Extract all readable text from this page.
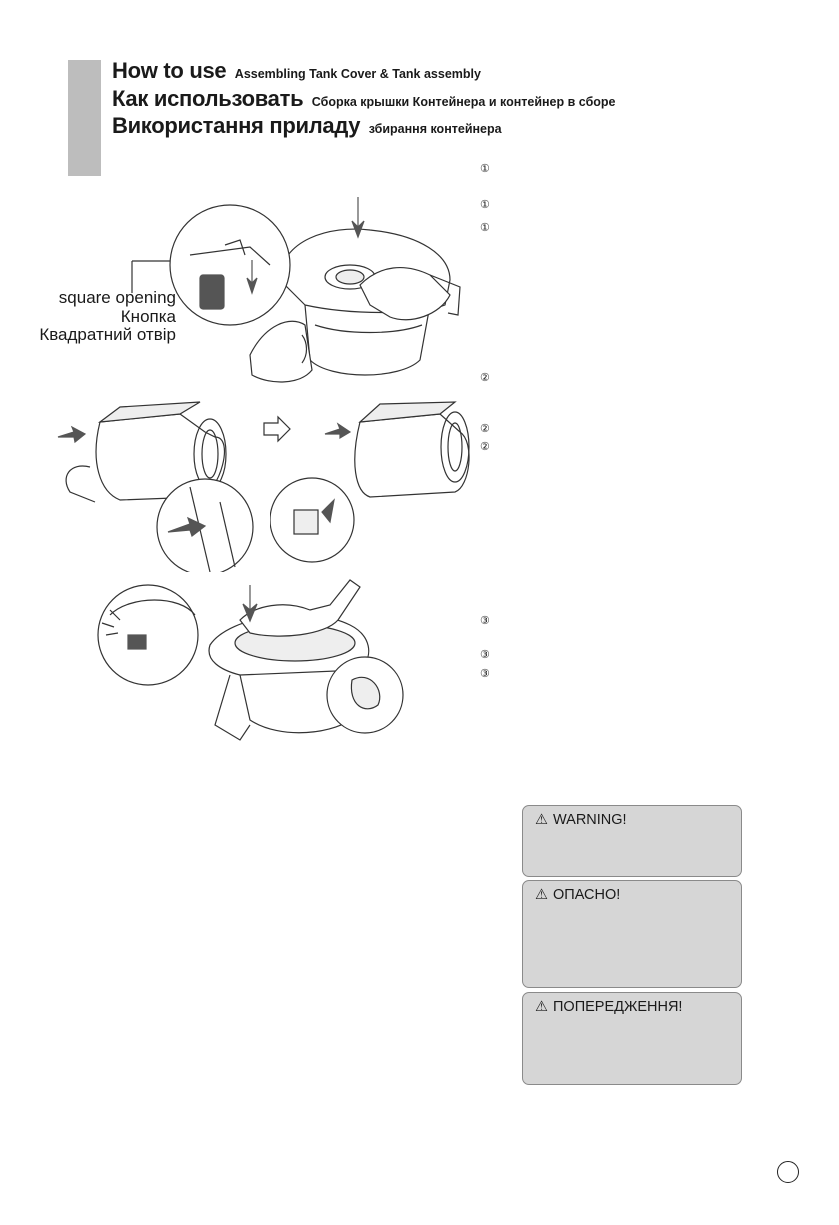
How to use Assembling Tank Cover & Tank assembly
Как использовать Сборка крышки Контейнера и контейнер в сборе
Використання приладу збирання контейнера
①
①
①
②
②
②
③
③
③
square opening
Кнопка
Квадратний отвір
⚠ WARNING!
⚠ ОПАСНО!
⚠ ПОПЕРЕДЖЕННЯ!
